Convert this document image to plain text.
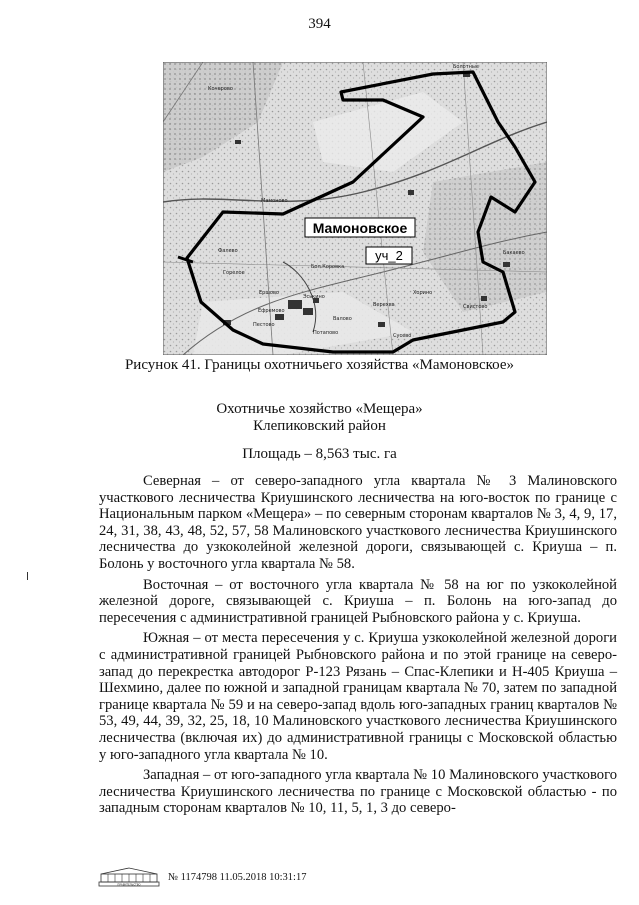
394
Болотные
Мамоново
Бол.Коровка
Ершово
Эськино
Хорино
Валово
Верехва
Пестово
Потапово
Бакаево
Свистово
Фалево
Кочерово
Ефремово
Горелое
Сусево
Мамоновское
уч_2
Рисунок 41. Границы охотничьего хозяйства «Мамоновское»
Охотничье хозяйство «Мещера»
Клепиковский район
Площадь – 8,563 тыс. га

Северная – от северо-западного угла квартала № 3 Малиновского участкового лесничества Криушинского лесничества на юго-восток по границе с Национальным парком «Мещера» – по северным сторонам кварталов № 3, 4, 9, 17, 24, 31, 38, 43, 48, 52, 57, 58 Малиновского участкового лесничества Криушинского лесничества до узкоколейной железной дороги, связывающей с. Криуша – п. Болонь у восточного угла квартала № 58.

Восточная – от восточного угла квартала № 58 на юг по узкоколейной железной дороге, связывающей с. Криуша – п. Болонь на юго-запад до пересечения с административной границей Рыбновского района у с. Криуша.

Южная – от места пересечения у с. Криуша узкоколейной железной дороги с административной границей Рыбновского района и по этой границе на северо-запад до перекрестка автодорог Р-123 Рязань – Спас-Клепики и Н-405 Криуша – Шехмино, далее по южной и западной границам квартала № 70, затем по западной границе квартала № 59 и на северо-запад вдоль юго-западных границ кварталов № 53, 49, 44, 39, 32, 25, 18, 10 Малиновского участкового лесничества Криушинского лесничества (включая их) до административной границы с Московской областью у юго-западного угла квартала № 10.

Западная – от юго-западного угла квартала № 10 Малиновского участкового лесничества Криушинского лесничества по границе с Московской областью - по западным сторонам кварталов № 10, 11, 5, 1, 3 до северо-

ПРАВИТЕЛЬСТВО
№ 1174798 11.05.2018 10:31:17
